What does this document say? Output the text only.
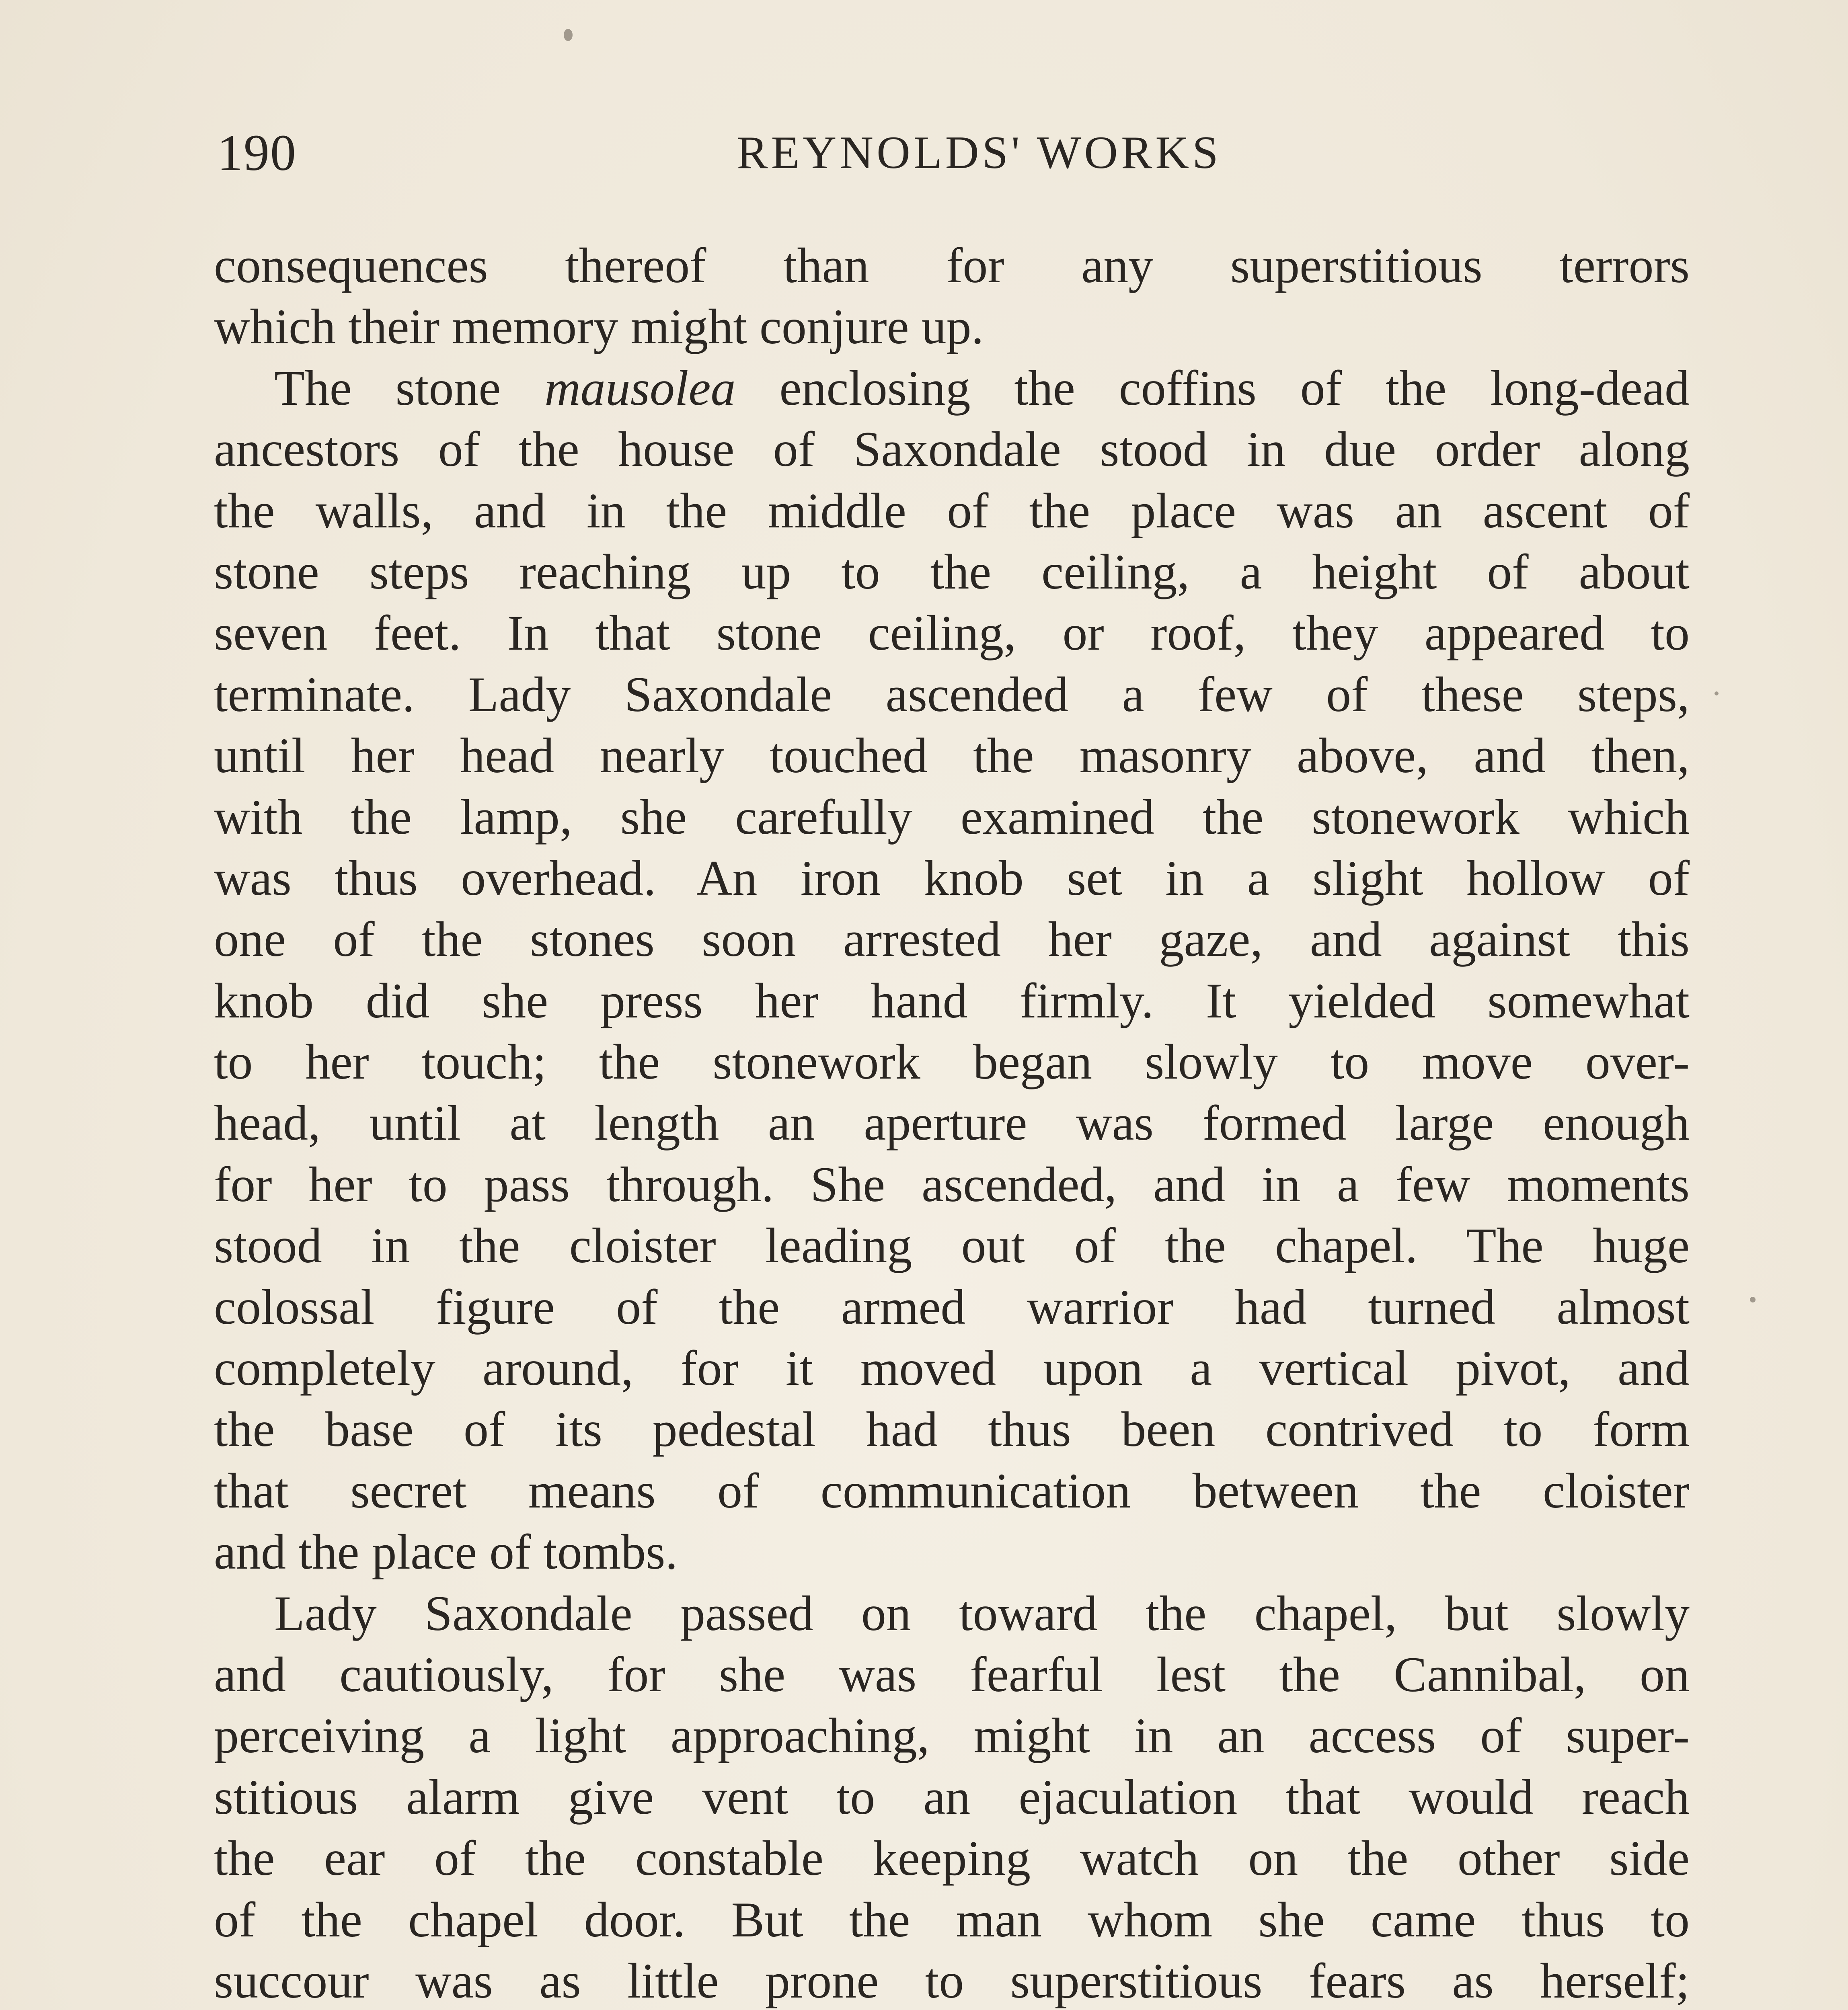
190	REYNOLDS' WORKS
consequences thereof than for any superstitious terrors
which their memory might conjure up.
The stone mausolea enclosing the coffins of the long-dead
ancestors of the house of Saxondale stood in due order along
the walls, and in the middle of the place was an ascent of
stone steps reaching up to the ceiling, a height of about
seven feet. In that stone ceiling, or roof, they appeared to
terminate. Lady Saxondale ascended a few of these steps,
until her head nearly touched the masonry above, and then,
with the lamp, she carefully examined the stonework which
was thus overhead. An iron knob set in a slight hollow of
one of the stones soon arrested her gaze, and against this
knob did she press her hand firmly. It yielded somewhat
to her touch; the stonework began slowly to move over-
head, until at length an aperture was formed large enough
for her to pass through. She ascended, and in a few moments
stood in the cloister leading out of the chapel. The huge
colossal figure of the armed warrior had turned almost
completely around, for it moved upon a vertical pivot, and
the base of its pedestal had thus been contrived to form
that secret means of communication between the cloister
and the place of tombs.
Lady Saxondale passed on toward the chapel, but slowly
and cautiously, for she was fearful lest the Cannibal, on
perceiving a light approaching, might in an access of super-
stitious alarm give vent to an ejaculation that would reach
the ear of the constable keeping watch on the other side
of the chapel door. But the man whom she came thus to
succour was as little prone to superstitious fears as herself;
